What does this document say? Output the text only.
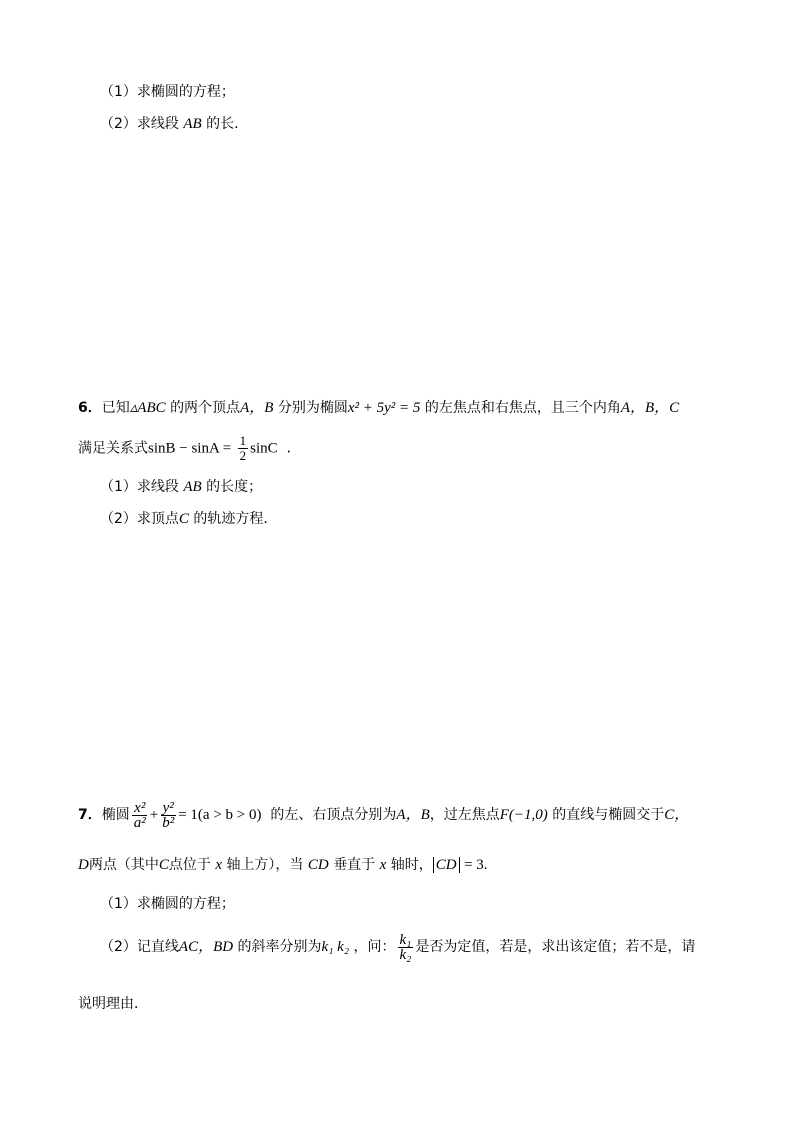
（1）求椭圆的方程；
（2）求线段 AB 的长.
6．已知▵ABC 的两个顶点A，B 分别为椭圆x² + 5y² = 5 的左焦点和右焦点，且三个内角A，B，C
满足关系式$\sin B - \sin A = \frac{1}{2}$ sinC ．
（1）求线段 AB 的长度；
（2）求顶点C 的轨迹方程．
7．椭圆 $\frac{\text{x²}}{\text{a²}} + \frac{\text{y²}}{\text{b²}} = 1(a > b > 0)$ 的左、右顶点分别为A，B，过左焦点F(−1,0) 的直线与椭圆交于C，
D两点（其中C点位于 x 轴上方），当 CD 垂直于 x 轴时， CD = 3.
（1）求椭圆的方程；
（2）记直线AC，BD 的斜率分别为k₁ k₂ ，问： $\frac{\text{k₁}}{\text{k₂}}$ 是否为定值，若是，求出该定值；若不是，请
说明理由．
